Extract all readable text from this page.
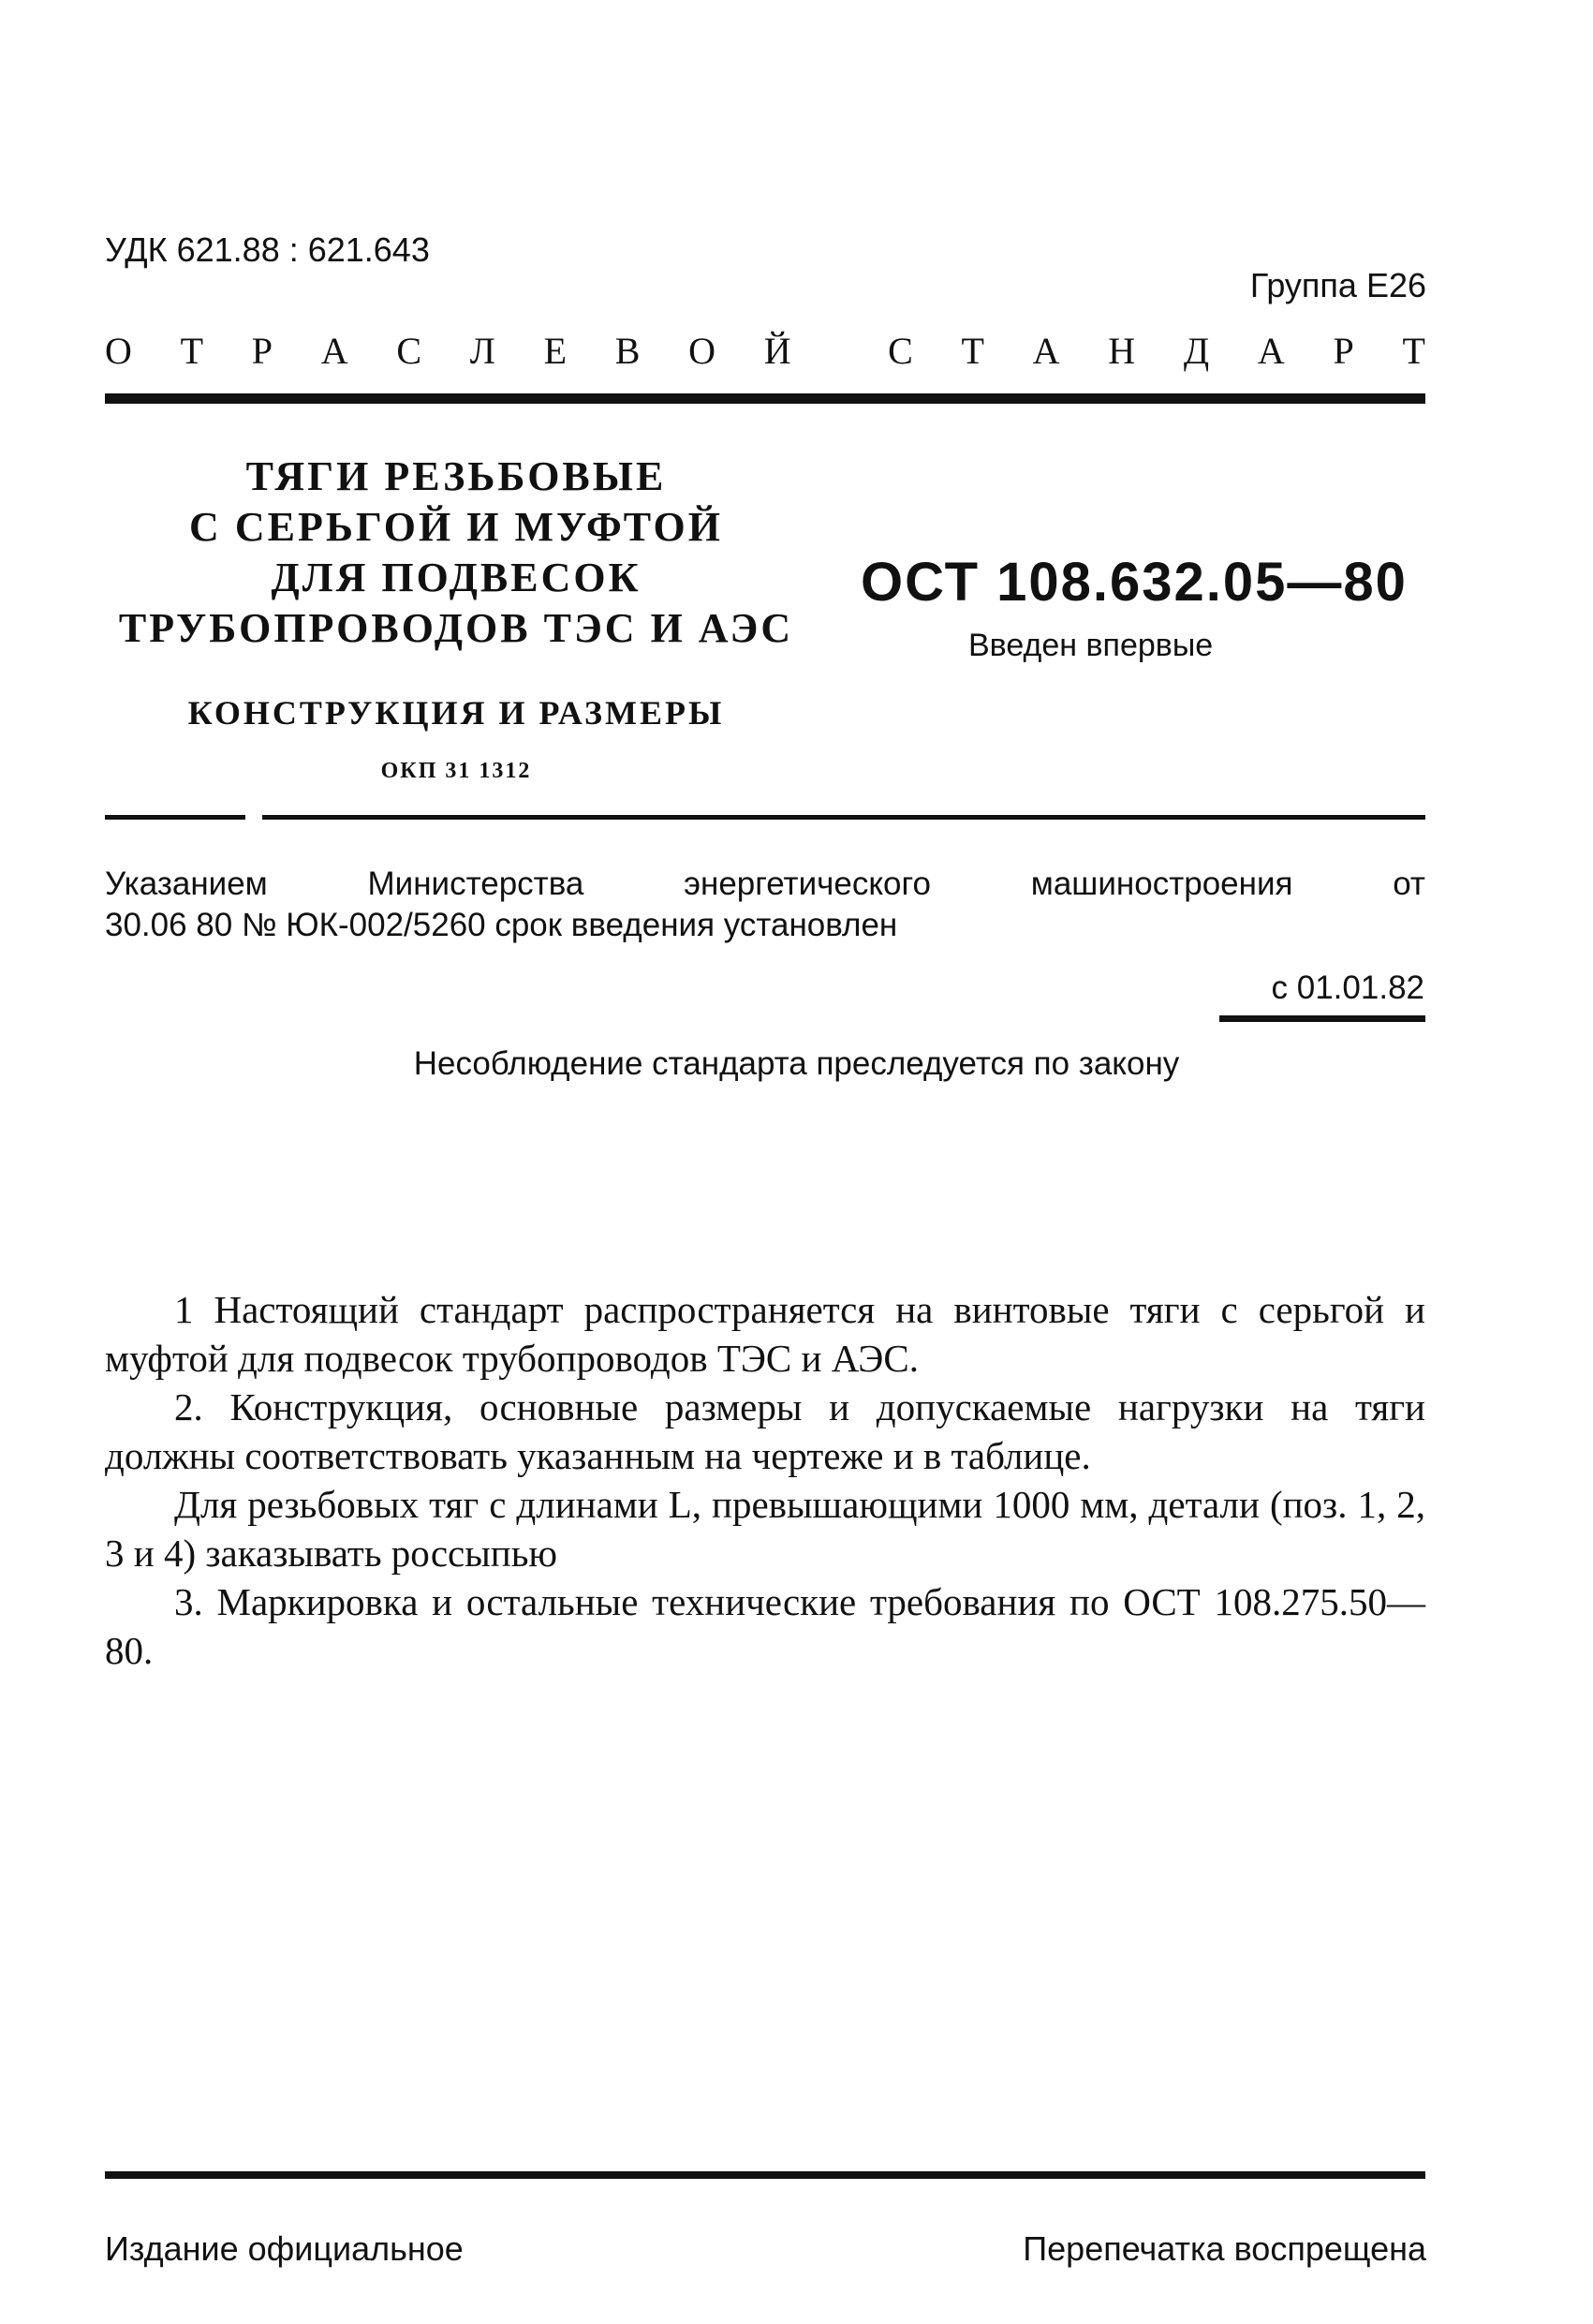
УДК 621.88 : 621.643
Группа Е26
О Т Р А С Л Е В О Й	С Т А Н Д А Р Т
ТЯГИ РЕЗЬБОВЫЕ
С СЕРЬГОЙ И МУФТОЙ
ДЛЯ ПОДВЕСОК
ТРУБОПРОВОДОВ ТЭС И АЭС
КОНСТРУКЦИЯ И РАЗМЕРЫ
ОКП 31 1312
ОСТ 108.632.05—80
Введен впервые
Указанием	Министерства	энергетического	машиностроения	от
30.06 80 № ЮК-002/5260 срок введения установлен
с 01.01.82
Несоблюдение стандарта преследуется по закону

1 Настоящий стандарт распространяется на винтовые тяги с серьгой и муфтой для подвесок трубопроводов ТЭС и АЭС.

2. Конструкция, основные размеры и допускаемые нагрузки на тяги должны соответствовать указанным на чертеже и в таблице.

Для резьбовых тяг с длинами L, превышающими 1000 мм, детали (поз. 1, 2, 3 и 4) заказывать россыпью

3. Маркировка и остальные технические требования по ОСТ 108.275.50—80.

Издание официальное	Перепечатка воспрещена
